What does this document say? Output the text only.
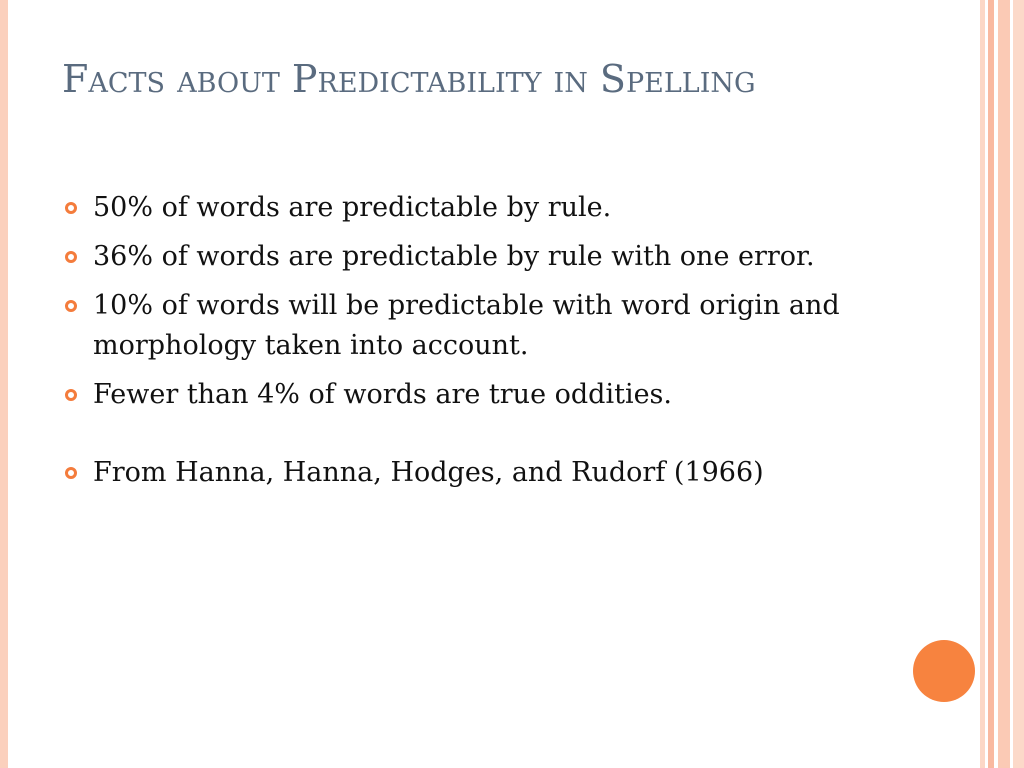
Facts about Predictability in Spelling
50% of words are predictable by rule.
36% of words are predictable by rule with one error.
10% of words will be predictable with word origin and morphology taken into account.
Fewer than 4% of words are true oddities.
From Hanna, Hanna, Hodges, and Rudorf (1966)
